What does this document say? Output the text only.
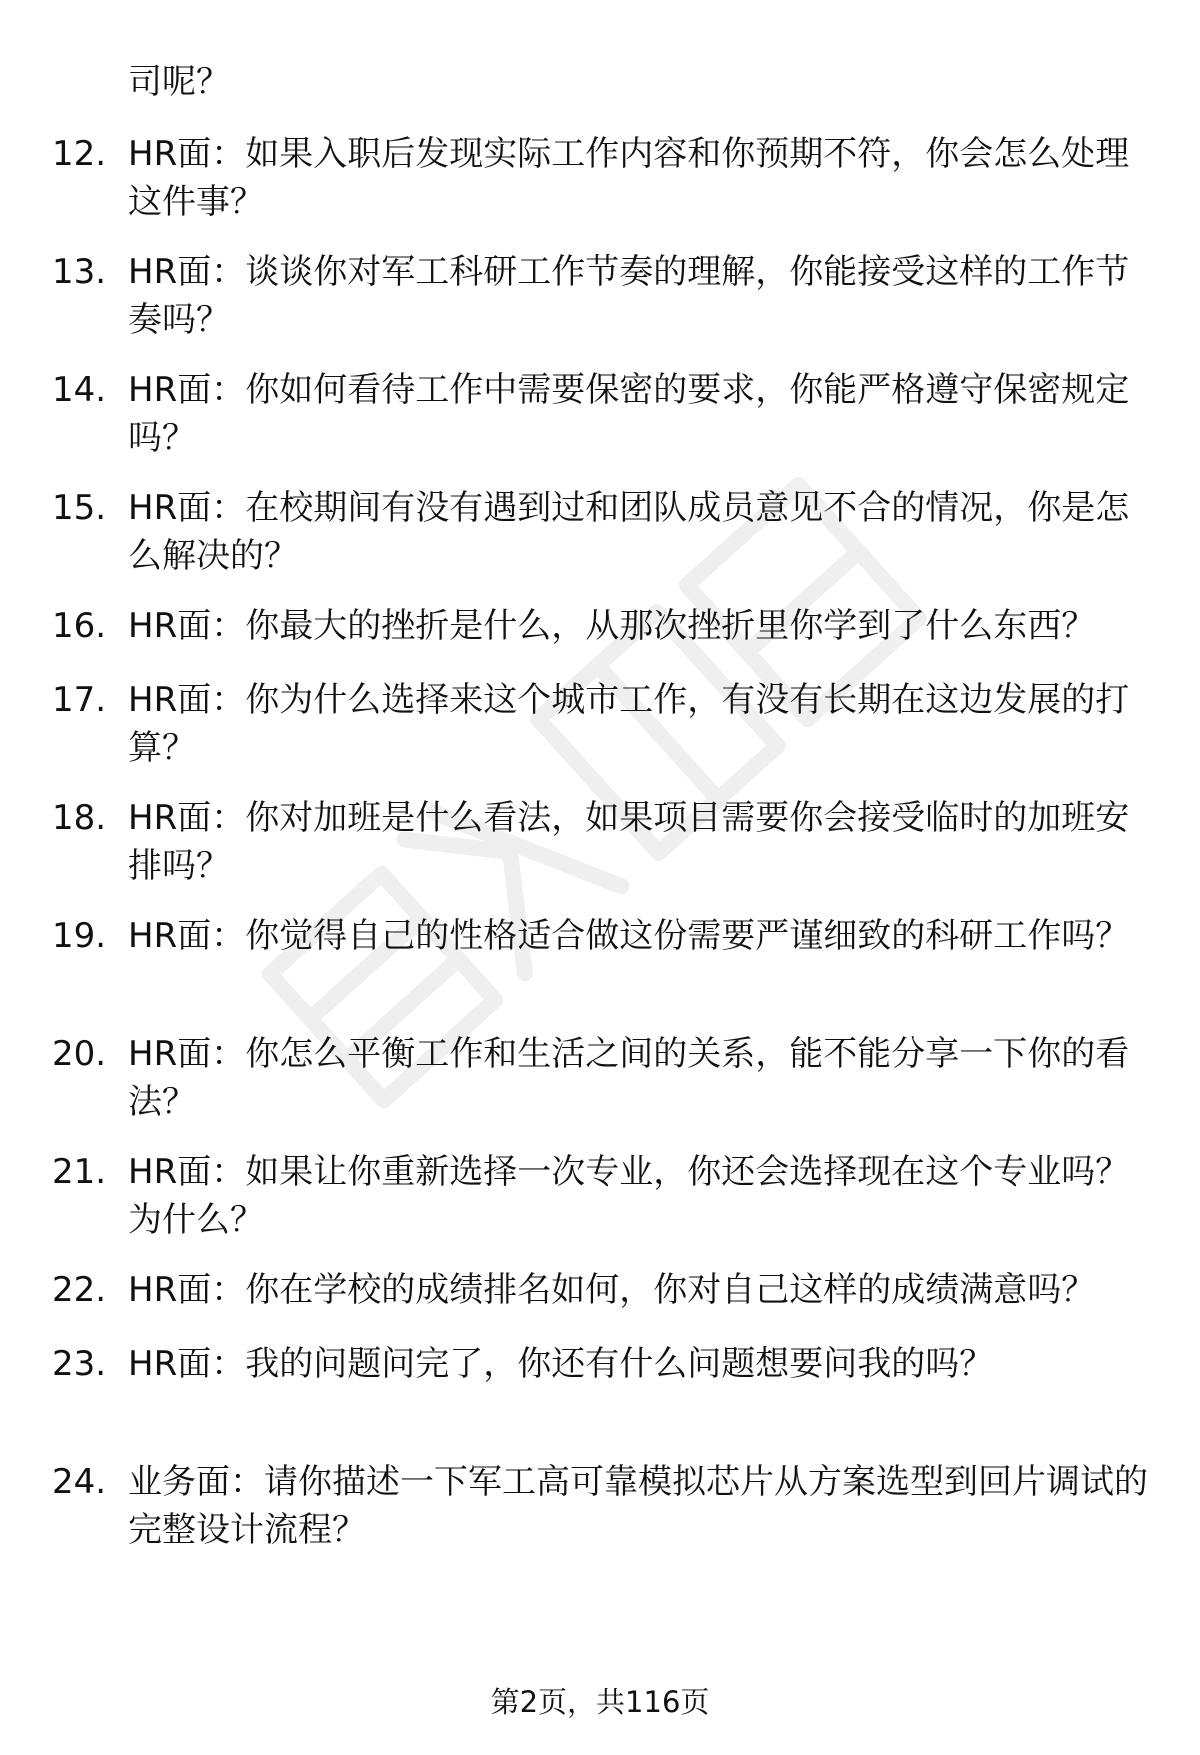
司呢？

12. HR面：如果入职后发现实际工作内容和你预期不符，你会怎么处理这件事？
13. HR面：谈谈你对军工科研工作节奏的理解，你能接受这样的工作节奏吗？
14. HR面：你如何看待工作中需要保密的要求，你能严格遵守保密规定吗？
15. HR面：在校期间有没有遇到过和团队成员意见不合的情况，你是怎么解决的？
16. HR面：你最大的挫折是什么，从那次挫折里你学到了什么东西？
17. HR面：你为什么选择来这个城市工作，有没有长期在这边发展的打算？
18. HR面：你对加班是什么看法，如果项目需要你会接受临时的加班安排吗？
19. HR面：你觉得自己的性格适合做这份需要严谨细致的科研工作吗？
20. HR面：你怎么平衡工作和生活之间的关系，能不能分享一下你的看法？
21. HR面：如果让你重新选择一次专业，你还会选择现在这个专业吗？为什么？
22. HR面：你在学校的成绩排名如何，你对自己这样的成绩满意吗？
23. HR面：我的问题问完了，你还有什么问题想要问我的吗？
24. 业务面：请你描述一下军工高可靠模拟芯片从方案选型到回片调试的完整设计流程？
第2页，共116页
